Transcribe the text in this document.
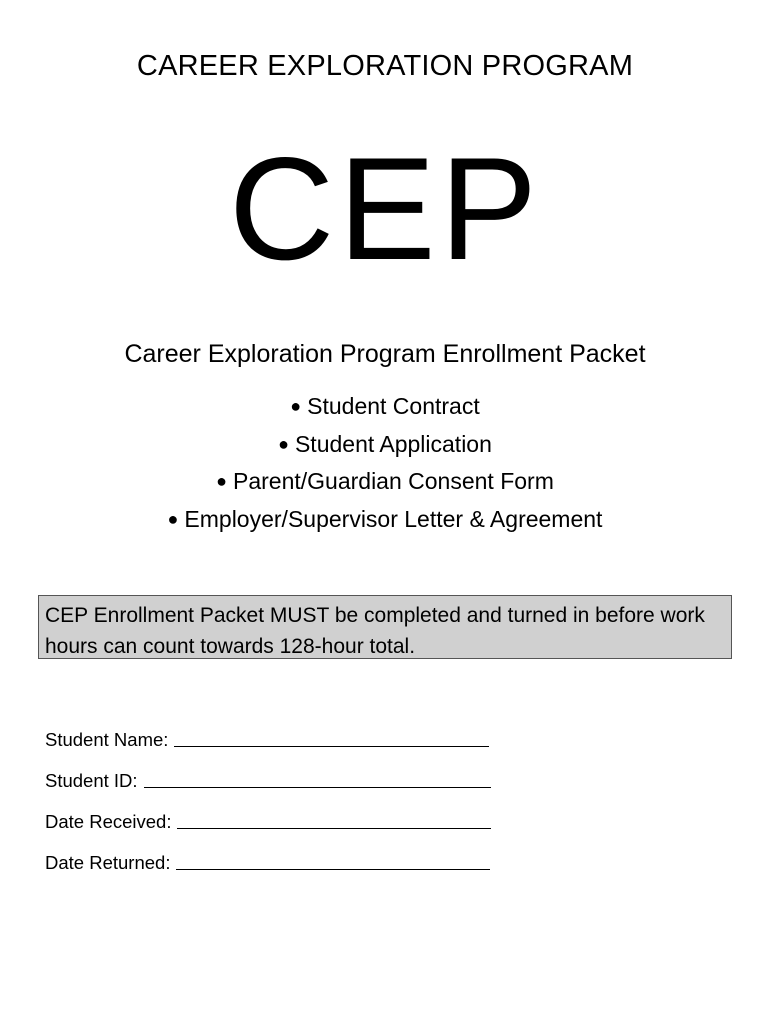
CAREER EXPLORATION PROGRAM
CEP
Career Exploration Program Enrollment Packet
● Student Contract
● Student Application
● Parent/Guardian Consent Form
● Employer/Supervisor Letter & Agreement
CEP Enrollment Packet MUST be completed and turned in before work hours can count towards 128-hour total.
Student Name:
Student ID:
Date Received:
Date Returned:
